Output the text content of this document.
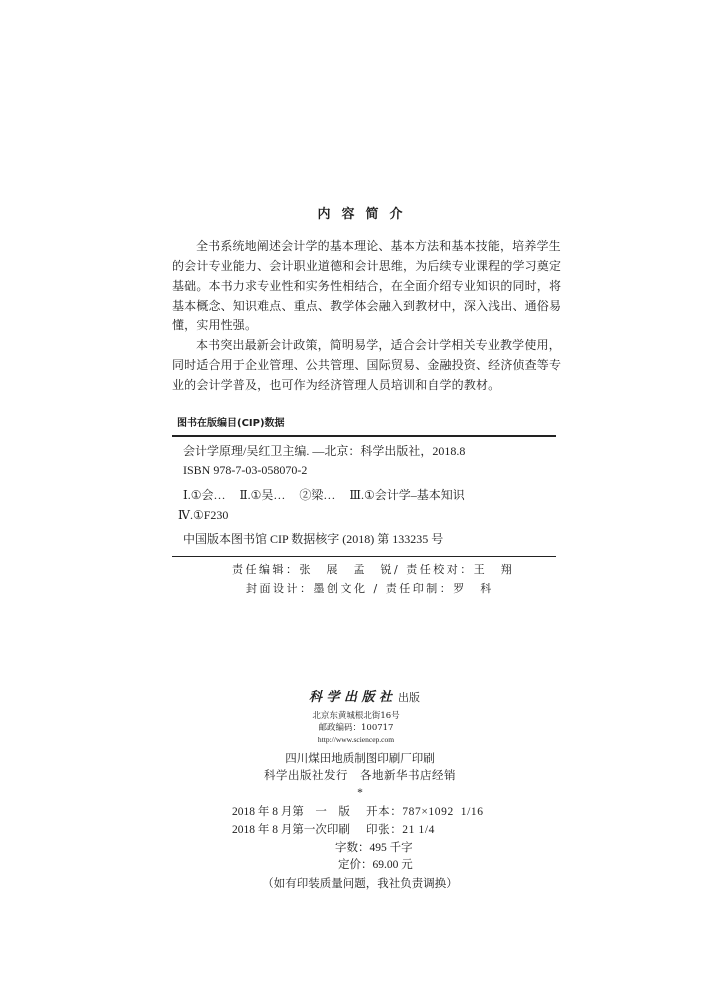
内容简介
全书系统地阐述会计学的基本理论、基本方法和基本技能，培养学生
的会计专业能力、会计职业道德和会计思维，为后续专业课程的学习奠定
基础。本书力求专业性和实务性相结合，在全面介绍专业知识的同时，将
基本概念、知识难点、重点、教学体会融入到教材中，深入浅出、通俗易
懂，实用性强。
本书突出最新会计政策，简明易学，适合会计学相关专业教学使用，
同时适合用于企业管理、公共管理、国际贸易、金融投资、经济侦查等专
业的会计学普及，也可作为经济管理人员培训和自学的教材。
图书在版编目(CIP)数据
会计学原理/吴红卫主编. —北京：科学出版社，2018.8
ISBN 978-7-03-058070-2
Ⅰ.①会…  Ⅱ.①吴…  ②梁…  Ⅲ.①会计学–基本知识
Ⅳ.①F230
中国版本图书馆 CIP 数据核字 (2018) 第 133235 号
责任编辑：张　展　孟　锐/ 责任校对：王　翔
封面设计：墨创文化 / 责任印制：罗　科
科学出版社 出版
北京东黄城根北街16号
邮政编码：100717
http://www.sciencep.com
四川煤田地质制图印刷厂印刷
科学出版社发行　各地新华书店经销
*
2018 年 8 月第　一　版 开本：787×1092  1/16
2018 年 8 月第一次印刷 印张：21 1/4
字数：495 千字
定价：69.00 元
（如有印装质量问题，我社负责调换）
